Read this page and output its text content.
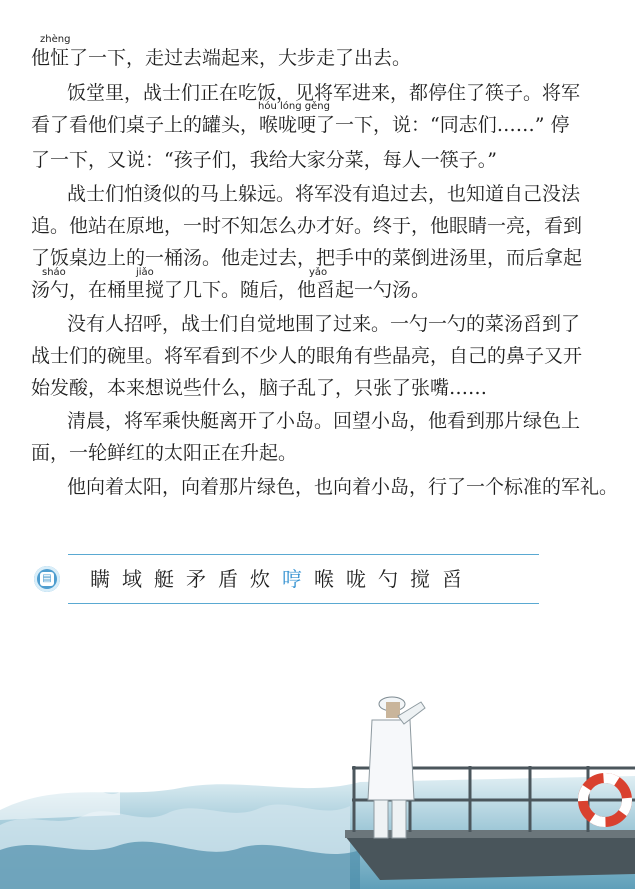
zhèng
他怔了一下，走过去端起来，大步走了出去。
饭堂里，战士们正在吃饭，见将军进来，都停住了筷子。将军
hóu lóng gěng
看了看他们桌子上的罐头，喉咙哽了一下，说：“同志们……” 停
了一下，又说：“孩子们，我给大家分菜，每人一筷子。”
战士们怕烫似的马上躲远。将军没有追过去，也知道自己没法
追。他站在原地，一时不知怎么办才好。终于，他眼睛一亮，看到
了饭桌边上的一桶汤。他走过去，把手中的菜倒进汤里，而后拿起
sháo	jiǎo	yǎo
汤勺，在桶里搅了几下。随后，他舀起一勺汤。
没有人招呼，战士们自觉地围了过来。一勺一勺的菜汤舀到了
战士们的碗里。将军看到不少人的眼角有些晶亮，自己的鼻子又开
始发酸，本来想说些什么，脑子乱了，只张了张嘴……
清晨，将军乘快艇离开了小岛。回望小岛，他看到那片绿色上
面，一轮鲜红的太阳正在升起。
他向着太阳，向着那片绿色，也向着小岛，行了一个标准的军礼。
▤ 瞒 域 艇 矛 盾 炊 哼 喉 咙 勺 搅 舀
